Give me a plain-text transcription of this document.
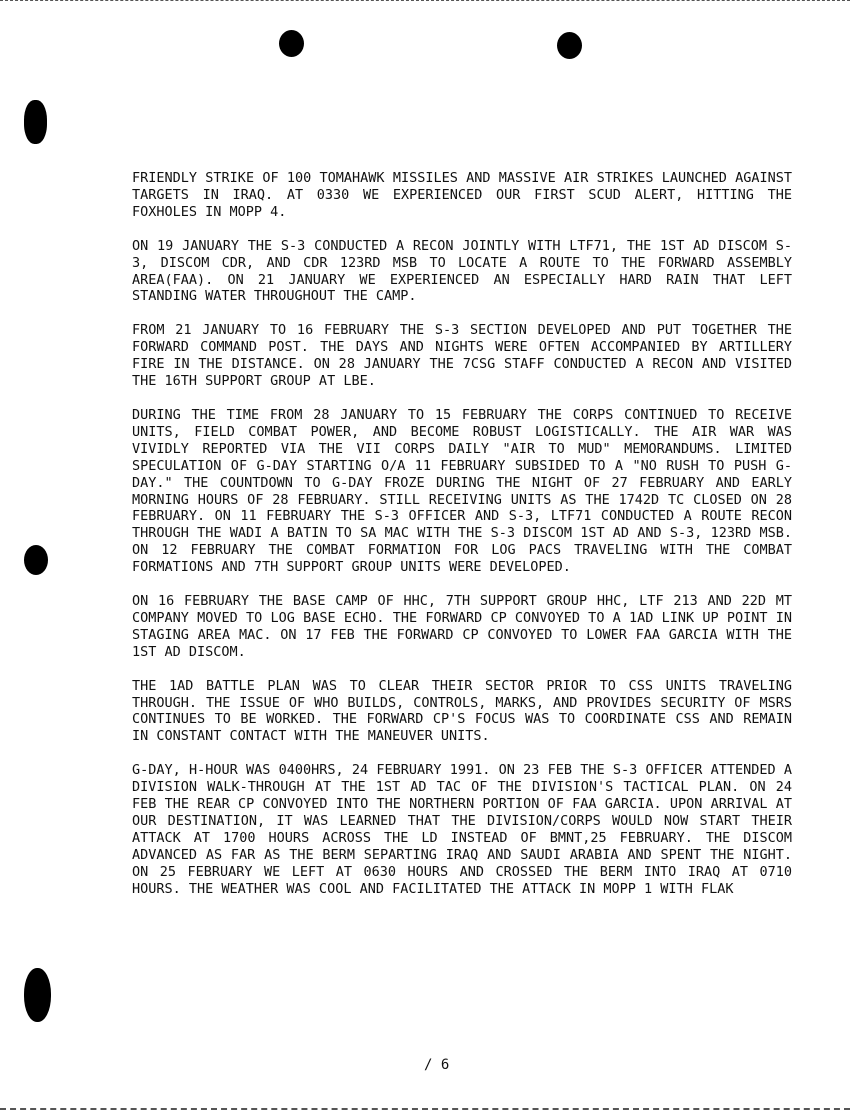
FRIENDLY STRIKE OF 100 TOMAHAWK MISSILES AND MASSIVE AIR STRIKES LAUNCHED AGAINST TARGETS IN IRAQ. AT 0330 WE EXPERIENCED OUR FIRST SCUD ALERT, HITTING THE FOXHOLES IN MOPP 4.

ON 19 JANUARY THE S-3 CONDUCTED A RECON JOINTLY WITH LTF71, THE 1ST AD DISCOM S-3, DISCOM CDR, AND CDR 123RD MSB TO LOCATE A ROUTE TO THE FORWARD ASSEMBLY AREA(FAA). ON 21 JANUARY WE EXPERIENCED AN ESPECIALLY HARD RAIN THAT LEFT STANDING WATER THROUGHOUT THE CAMP.

FROM 21 JANUARY TO 16 FEBRUARY THE S-3 SECTION DEVELOPED AND PUT TOGETHER THE FORWARD COMMAND POST. THE DAYS AND NIGHTS WERE OFTEN ACCOMPANIED BY ARTILLERY FIRE IN THE DISTANCE. ON 28 JANUARY THE 7CSG STAFF CONDUCTED A RECON AND VISITED THE 16TH SUPPORT GROUP AT LBE.

DURING THE TIME FROM 28 JANUARY TO 15 FEBRUARY THE CORPS CONTINUED TO RECEIVE UNITS, FIELD COMBAT POWER, AND BECOME ROBUST LOGISTICALLY. THE AIR WAR WAS VIVIDLY REPORTED VIA THE VII CORPS DAILY "AIR TO MUD" MEMORANDUMS. LIMITED SPECULATION OF G-DAY STARTING O/A 11 FEBRUARY SUBSIDED TO A "NO RUSH TO PUSH G-DAY." THE COUNTDOWN TO G-DAY FROZE DURING THE NIGHT OF 27 FEBRUARY AND EARLY MORNING HOURS OF 28 FEBRUARY. STILL RECEIVING UNITS AS THE 1742D TC CLOSED ON 28 FEBRUARY. ON 11 FEBRUARY THE S-3 OFFICER AND S-3, LTF71 CONDUCTED A ROUTE RECON THROUGH THE WADI A BATIN TO SA MAC WITH THE S-3 DISCOM 1ST AD AND S-3, 123RD MSB. ON 12 FEBRUARY THE COMBAT FORMATION FOR LOG PACS TRAVELING WITH THE COMBAT FORMATIONS AND 7TH SUPPORT GROUP UNITS WERE DEVELOPED.

ON 16 FEBRUARY THE BASE CAMP OF HHC, 7TH SUPPORT GROUP HHC, LTF 213 AND 22D MT COMPANY MOVED TO LOG BASE ECHO. THE FORWARD CP CONVOYED TO A 1AD LINK UP POINT IN STAGING AREA MAC. ON 17 FEB THE FORWARD CP CONVOYED TO LOWER FAA GARCIA WITH THE 1ST AD DISCOM.

THE 1AD BATTLE PLAN WAS TO CLEAR THEIR SECTOR PRIOR TO CSS UNITS TRAVELING THROUGH. THE ISSUE OF WHO BUILDS, CONTROLS, MARKS, AND PROVIDES SECURITY OF MSRS CONTINUES TO BE WORKED. THE FORWARD CP'S FOCUS WAS TO COORDINATE CSS AND REMAIN IN CONSTANT CONTACT WITH THE MANEUVER UNITS.

G-DAY, H-HOUR WAS 0400HRS, 24 FEBRUARY 1991. ON 23 FEB THE S-3 OFFICER ATTENDED A DIVISION WALK-THROUGH AT THE 1ST AD TAC OF THE DIVISION'S TACTICAL PLAN. ON 24 FEB THE REAR CP CONVOYED INTO THE NORTHERN PORTION OF FAA GARCIA. UPON ARRIVAL AT OUR DESTINATION, IT WAS LEARNED THAT THE DIVISION/CORPS WOULD NOW START THEIR ATTACK AT 1700 HOURS ACROSS THE LD INSTEAD OF BMNT,25 FEBRUARY. THE DISCOM ADVANCED AS FAR AS THE BERM SEPARTING IRAQ AND SAUDI ARABIA AND SPENT THE NIGHT. ON 25 FEBRUARY WE LEFT AT 0630 HOURS AND CROSSED THE BERM INTO IRAQ AT 0710 HOURS. THE WEATHER WAS COOL AND FACILITATED THE ATTACK IN MOPP 1 WITH FLAK

/ 6
